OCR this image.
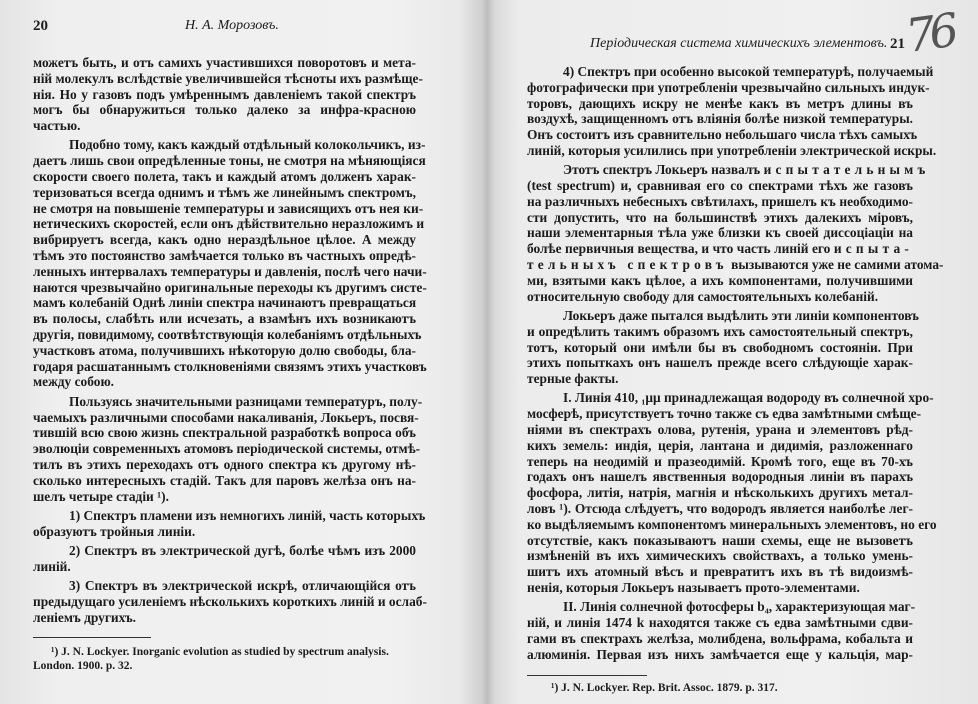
20	Н. А. Морозовъ.
можетъ быть, и отъ самихъ участившихся поворотовъ и мета-
ній молекулъ вслѣдствіе увеличившейся тѣсноты ихъ размѣще-
нія. Но у газовъ подъ умѣреннымъ давленіемъ такой спектръ
могъ бы обнаружиться только далеко за инфра-красною
частью.
Подобно тому, какъ каждый отдѣльный колокольчикъ, из-
даетъ лишь свои опредѣленные тоны, не смотря на мѣняющіяся
скорости своего полета, такъ и каждый атомъ долженъ харак-
теризоваться всегда однимъ и тѣмъ же линейнымъ спектромъ,
не смотря на повышеніе температуры и зависящихъ отъ нея ки-
нетическихъ скоростей, если онъ дѣйствительно неразложимъ и
вибрируетъ всегда, какъ одно нераздѣльное цѣлое. А между
тѣмъ это постоянство замѣчается только въ частныхъ опредѣ-
ленныхъ интервалахъ температуры и давленія, послѣ чего начи-
наются чрезвычайно оригинальные переходы къ другимъ систе-
мамъ колебаній Однѣ линіи спектра начинаютъ превращаться
въ полосы, слабѣть или исчезать, а взамѣнъ ихъ возникаютъ
другія, повидимому, соотвѣтствующія колебаніямъ отдѣльныхъ
участковъ атома, получившихъ нѣкоторую долю свободы, бла-
годаря расшатаннымъ столкновеніями связямъ этихъ участковъ
между собою.
Пользуясь значительными разницами температуръ, полу-
чаемыхъ различными способами накаливанія, Локьеръ, посвя-
тившій всю свою жизнь спектральной разработкѣ вопроса объ
эволюціи современныхъ атомовъ періодической системы, отмѣ-
тилъ въ этихъ переходахъ отъ одного спектра къ другому нѣ-
сколько интересныхъ стадій. Такъ для паровъ желѣза онъ на-
шелъ четыре стадіи ¹).
1) Спектръ пламени изъ немногихъ линій, часть которыхъ
образуютъ тройныя линіи.
2) Спектръ въ электрической дугѣ, болѣе чѣмъ изъ 2000
линій.
3) Спектръ въ электрической искрѣ, отличающійся отъ
предыдущаго усиленіемъ нѣсколькихъ короткихъ линій и ослаб-
леніемъ другихъ.
¹) J. N. Lockyer. Inorganic evolution as studied by spectrum analysis.
London. 1900. p. 32.
Періодическая система химическихъ элементовъ. 21
76
4) Спектръ при особенно высокой температурѣ, получаемый
фотографически при употребленіи чрезвычайно сильныхъ индук-
торовъ, дающихъ искру не менѣе какъ въ метръ длины въ
воздухѣ, защищенномъ отъ вліянія болѣе низкой температуры.
Онъ состоитъ изъ сравнительно небольшаго числа тѣхъ самыхъ
линій, которыя усилились при употребленіи электрической искры.
Этотъ спектръ Локьеръ назвалъ испытательнымъ
(test spectrum) и, сравнивая его со спектрами тѣхъ же газовъ
на различныхъ небесныхъ свѣтилахъ, пришелъ къ необходимо-
сти допустить, что на большинствѣ этихъ далекихъ міровъ,
наши элементарныя тѣла уже близки къ своей диссоціаціи на
болѣе первичныя вещества, и что часть линій его испыта-
тельныхъ спектровъ вызываются уже не самими атома-
ми, взятыми какъ цѣлое, а ихъ компонентами, получившими
относительную свободу для самостоятельныхъ колебаній.
Локьеръ даже пытался выдѣлить эти линіи компонентовъ
и опредѣлить такимъ образомъ ихъ самостоятельный спектръ,
тотъ, который они имѣли бы въ свободномъ состояніи. При
этихъ попыткахъ онъ нашелъ прежде всего слѣдующіе харак-
терные факты.
I. Линія 410, ₁μμ принадлежащая водороду въ солнечной хро-
мосферѣ, присутствуетъ точно также съ едва замѣтными смѣще-
ніями въ спектрахъ олова, рутенія, урана и элементовъ рѣд-
кихъ земель: индія, церія, лантана и дидимія, разложеннаго
теперь на неодимій и празеодимій. Кромѣ того, еще въ 70-хъ
годахъ онъ нашелъ явственныя водородныя линіи въ парахъ
фосфора, литія, натрія, магнія и нѣсколькихъ другихъ метал-
ловъ ¹). Отсюда слѣдуетъ, что водородъ является наиболѣе лег-
ко выдѣляемымъ компонентомъ минеральныхъ элементовъ, но его
отсутствіе, какъ показываютъ наши схемы, еще не вызоветъ
измѣненій въ ихъ химическихъ свойствахъ, а только умень-
шитъ ихъ атомный вѣсъ и превратитъ ихъ въ тѣ видоизмѣ-
ненія, которыя Локьеръ называетъ прото-элементами.
II. Линія солнечной фотосферы b₄, характеризующая маг-
ній, и линія 1474 k находятся также съ едва замѣтными сдви-
гами въ спектрахъ желѣза, молибдена, вольфрама, кобальта и
алюминія. Первая изъ нихъ замѣчается еще у кальція, мар-
¹) J. N. Lockyer. Rep. Brit. Assoc. 1879. p. 317.
